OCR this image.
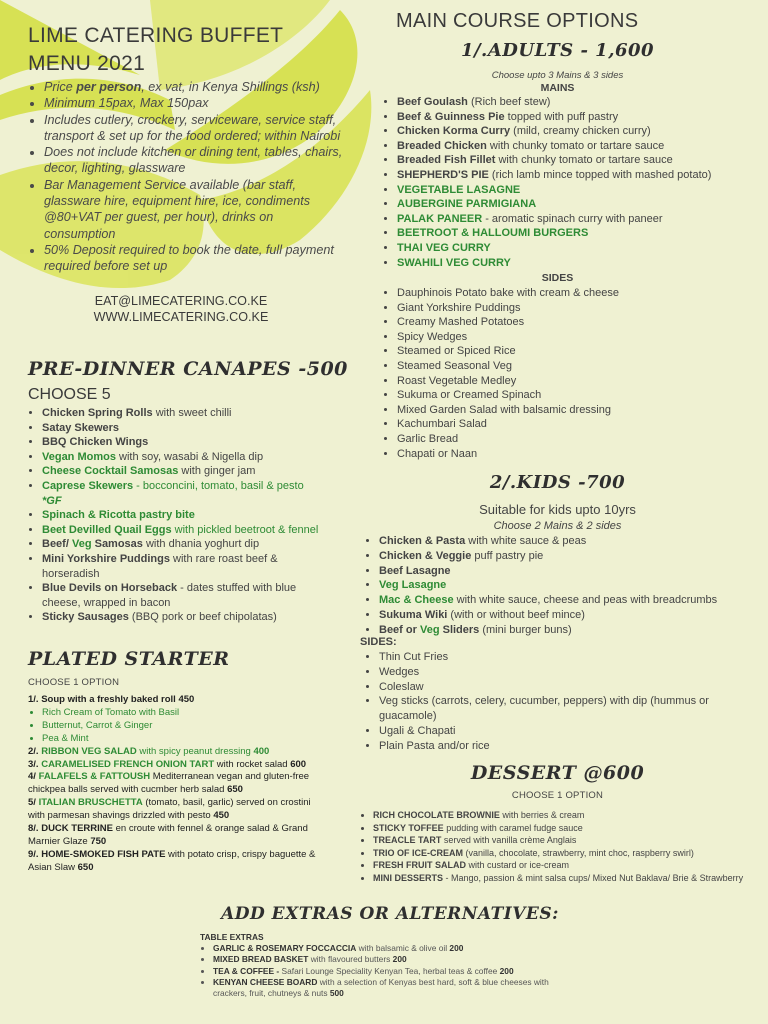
LIME CATERING BUFFET
MENU 2021
• Price per person, ex vat, in Kenya Shillings (ksh)
• Minimum 15pax, Max 150pax
• Includes cutlery, crockery, serviceware, service staff, transport & set up for the food ordered; within Nairobi
• Does not include kitchen or dining tent, tables, chairs, decor, lighting, glassware
• Bar Management Service available (bar staff, glassware hire, equipment hire, ice, condiments @80+VAT per guest, per hour), drinks on consumption
• 50% Deposit required to book the date, full payment required before set up
EAT@LIMECATERING.CO.KE
WWW.LIMECATERING.CO.KE
PRE-DINNER CANAPES -500
CHOOSE 5
• Chicken Spring Rolls with sweet chilli
• Satay Skewers
• BBQ Chicken Wings
• Vegan Momos with soy, wasabi & Nigella dip
• Cheese Cocktail Samosas with ginger jam
• Caprese Skewers - bocconcini, tomato, basil & pesto
*GF
• Spinach & Ricotta pastry bite
• Beet Devilled Quail Eggs with pickled beetroot & fennel
• Beef/ Veg Samosas with dhania yoghurt dip
• Mini Yorkshire Puddings with rare roast beef & horseradish
• Blue Devils on Horseback - dates stuffed with blue cheese, wrapped in bacon
• Sticky Sausages (BBQ pork or beef chipolatas)
PLATED STARTER
CHOOSE 1 OPTION

1/. Soup with a freshly baked roll 450

• Rich Cream of Tomato with Basil
• Butternut, Carrot & Ginger
• Pea & Mint

2/. RIBBON VEG SALAD with spicy peanut dressing 400

3/. CARAMELISED FRENCH ONION TART with rocket salad 600

4/ FALAFELS & FATTOUSH Mediterranean vegan and gluten-free chickpea balls served with cucmber herb salad 650

5/ ITALIAN BRUSCHETTA (tomato, basil, garlic) served on crostini with parmesan shavings drizzled with pesto 450

8/. DUCK TERRINE en croute with fennel & orange salad & Grand Marnier Glaze 750

9/. HOME-SMOKED FISH PATE with potato crisp, crispy baguette & Asian Slaw 650

MAIN COURSE OPTIONS
1/.ADULTS - 1,600
Choose upto 3 Mains & 3 sides
MAINS
• Beef Goulash (Rich beef stew)
• Beef & Guinness Pie topped with puff pastry
• Chicken Korma Curry (mild, creamy chicken curry)
• Breaded Chicken with chunky tomato or tartare sauce
• Breaded Fish Fillet with chunky tomato or tartare sauce
• SHEPHERD'S PIE (rich lamb mince topped with mashed potato)
• VEGETABLE LASAGNE
• AUBERGINE PARMIGIANA
• PALAK PANEER - aromatic spinach curry with paneer
• BEETROOT & HALLOUMI BURGERS
• THAI VEG CURRY
• SWAHILI VEG CURRY
SIDES
• Dauphinois Potato bake with cream & cheese
• Giant Yorkshire Puddings
• Creamy Mashed Potatoes
• Spicy Wedges
• Steamed or Spiced Rice
• Steamed Seasonal Veg
• Roast Vegetable Medley
• Sukuma or Creamed Spinach
• Mixed Garden Salad with balsamic dressing
• Kachumbari Salad
• Garlic Bread
• Chapati or Naan
2/.KIDS -700
Suitable for kids upto 10yrs
Choose 2 Mains & 2 sides
• Chicken & Pasta with white sauce & peas
• Chicken & Veggie puff pastry pie
• Beef Lasagne
• Veg Lasagne
• Mac & Cheese with white sauce, cheese and peas with breadcrumbs
• Sukuma Wiki (with or without beef mince)
• Beef or Veg Sliders (mini burger buns)
SIDES:
• Thin Cut Fries
• Wedges
• Coleslaw
• Veg sticks (carrots, celery, cucumber, peppers) with dip (hummus or guacamole)
• Ugali & Chapati
• Plain Pasta and/or rice
DESSERT @600
CHOOSE 1 OPTION
• RICH CHOCOLATE BROWNIE with berries & cream
• STICKY TOFFEE pudding with caramel fudge sauce
• TREACLE TART served with vanilla crème Anglais
• TRIO OF ICE-CREAM (vanilla, chocolate, strawberry, mint choc, raspberry swirl)
• FRESH FRUIT SALAD with custard or ice-cream
• MINI DESSERTS - Mango, passion & mint salsa cups/ Mixed Nut Baklava/ Brie & Strawberry
ADD EXTRAS OR ALTERNATIVES:
TABLE EXTRAS
• GARLIC & ROSEMARY FOCCACCIA with balsamic & olive oil 200
• MIXED BREAD BASKET with flavoured butters 200
• TEA & COFFEE - Safari Lounge Speciality Kenyan Tea, herbal teas & coffee 200
• KENYAN CHEESE BOARD with a selection of Kenyas best hard, soft & blue cheeses with crackers, fruit, chutneys & nuts 500
